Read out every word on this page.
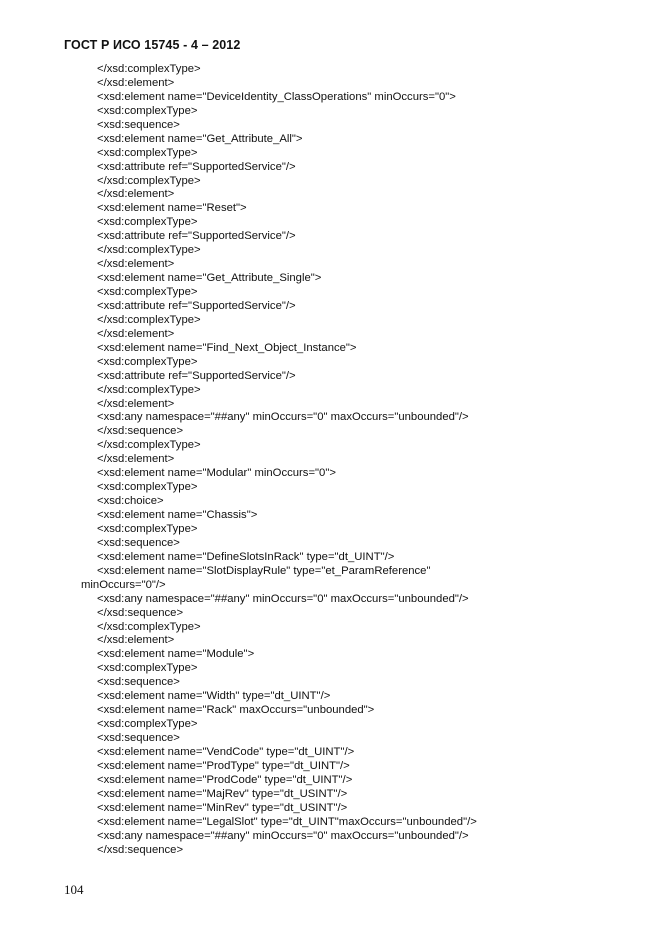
ГОСТ Р ИСО 15745 - 4 – 2012
</xsd:complexType>
</xsd:element>
<xsd:element name="DeviceIdentity_ClassOperations" minOccurs="0">
<xsd:complexType>
<xsd:sequence>
<xsd:element name="Get_Attribute_All">
<xsd:complexType>
<xsd:attribute ref="SupportedService"/>
</xsd:complexType>
</xsd:element>
<xsd:element name="Reset">
<xsd:complexType>
<xsd:attribute ref="SupportedService"/>
</xsd:complexType>
</xsd:element>
<xsd:element name="Get_Attribute_Single">
<xsd:complexType>
<xsd:attribute ref="SupportedService"/>
</xsd:complexType>
</xsd:element>
<xsd:element name="Find_Next_Object_Instance">
<xsd:complexType>
<xsd:attribute ref="SupportedService"/>
</xsd:complexType>
</xsd:element>
<xsd:any namespace="##any" minOccurs="0" maxOccurs="unbounded"/>
</xsd:sequence>
</xsd:complexType>
</xsd:element>
<xsd:element name="Modular" minOccurs="0">
<xsd:complexType>
<xsd:choice>
<xsd:element name="Chassis">
<xsd:complexType>
<xsd:sequence>
<xsd:element name="DefineSlotsInRack" type="dt_UINT"/>
<xsd:element name="SlotDisplayRule" type="et_ParamReference"
minOccurs="0"/>
<xsd:any namespace="##any" minOccurs="0" maxOccurs="unbounded"/>
</xsd:sequence>
</xsd:complexType>
</xsd:element>
<xsd:element name="Module">
<xsd:complexType>
<xsd:sequence>
<xsd:element name="Width" type="dt_UINT"/>
<xsd:element name="Rack" maxOccurs="unbounded">
<xsd:complexType>
<xsd:sequence>
<xsd:element name="VendCode" type="dt_UINT"/>
<xsd:element name="ProdType" type="dt_UINT"/>
<xsd:element name="ProdCode" type="dt_UINT"/>
<xsd:element name="MajRev" type="dt_USINT"/>
<xsd:element name="MinRev" type="dt_USINT"/>
<xsd:element name="LegalSlot" type="dt_UINT"maxOccurs="unbounded"/>
<xsd:any namespace="##any" minOccurs="0" maxOccurs="unbounded"/>
</xsd:sequence>
104
